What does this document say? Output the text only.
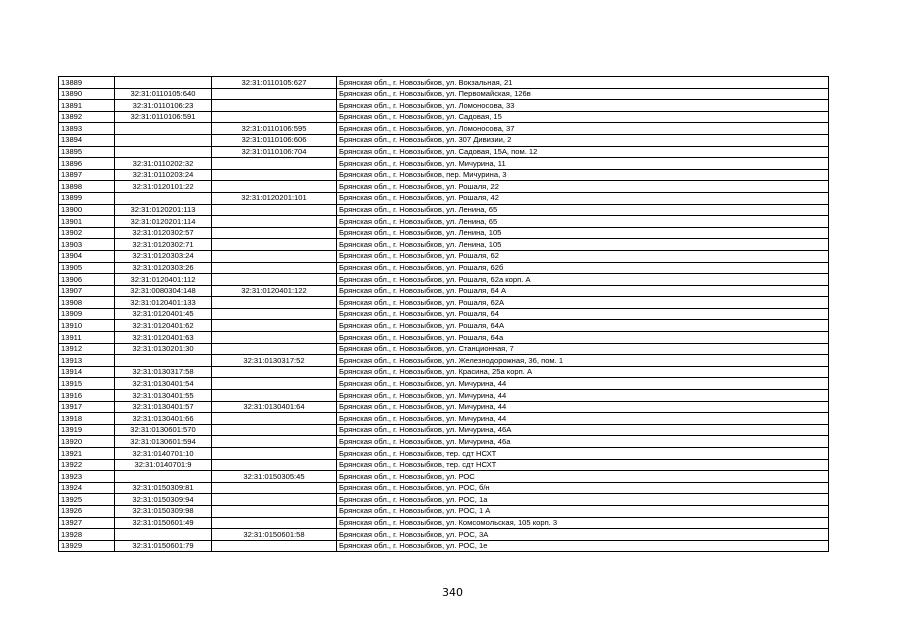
13889		32:31:0110105:627	Брянская обл., г. Новозыбков, ул. Вокзальная, 21
13890	32:31:0110105:640		Брянская обл., г. Новозыбков, ул. Первомайская, 126в
13891	32:31:0110106:23		Брянская обл., г. Новозыбков, ул. Ломоносова, 33
13892	32:31:0110106:591		Брянская обл., г. Новозыбков, ул. Садовая, 15
13893		32:31:0110106:595	Брянская обл., г. Новозыбков, ул. Ломоносова, 37
13894		32:31:0110106:606	Брянская обл., г. Новозыбков, ул. 307 Дивизии, 2
13895		32:31:0110106:704	Брянская обл., г. Новозыбков, ул. Садовая, 15А, пом. 12
13896	32:31:0110202:32		Брянская обл., г. Новозыбков, ул. Мичурина, 11
13897	32:31:0110203:24		Брянская обл., г. Новозыбков, пер. Мичурина, 3
13898	32:31:0120101:22		Брянская обл., г. Новозыбков, ул. Рошаля, 22
13899		32:31:0120201:101	Брянская обл., г. Новозыбков, ул. Рошаля, 42
13900	32:31:0120201:113		Брянская обл., г. Новозыбков, ул. Ленина, 65
13901	32:31:0120201:114		Брянская обл., г. Новозыбков, ул. Ленина, 65
13902	32:31:0120302:57		Брянская обл., г. Новозыбков, ул. Ленина, 105
13903	32:31:0120302:71		Брянская обл., г. Новозыбков, ул. Ленина, 105
13904	32:31:0120303:24		Брянская обл., г. Новозыбков, ул. Рошаля, 62
13905	32:31:0120303:26		Брянская обл., г. Новозыбков, ул. Рошаля, 62б
13906	32:31:0120401:112		Брянская обл., г. Новозыбков, ул. Рошаля, 62а корп. А
13907	32:31:0080304:148	32:31:0120401:122	Брянская обл., г. Новозыбков, ул. Рошаля, 64 А
13908	32:31:0120401:133		Брянская обл., г. Новозыбков, ул. Рошаля, 62А
13909	32:31:0120401:45		Брянская обл., г. Новозыбков, ул. Рошаля, 64
13910	32:31:0120401:62		Брянская обл., г. Новозыбков, ул. Рошаля, 64А
13911	32:31:0120401:63		Брянская обл., г. Новозыбков, ул. Рошаля, 64а
13912	32:31:0130201:30		Брянская обл., г. Новозыбков, ул. Станционная, 7
13913		32:31:0130317:52	Брянская обл., г. Новозыбков, ул. Железнодорожная, 36, пом. 1
13914	32:31:0130317:58		Брянская обл., г. Новозыбков, ул. Красина, 25а корп. А
13915	32:31:0130401:54		Брянская обл., г. Новозыбков, ул. Мичурина, 44
13916	32:31:0130401:55		Брянская обл., г. Новозыбков, ул. Мичурина, 44
13917	32:31:0130401:57	32:31:0130401:64	Брянская обл., г. Новозыбков, ул. Мичурина, 44
13918	32:31:0130401:66		Брянская обл., г. Новозыбков, ул. Мичурина, 44
13919	32:31:0130601:570		Брянская обл., г. Новозыбков, ул. Мичурина, 46А
13920	32:31:0130601:594		Брянская обл., г. Новозыбков, ул. Мичурина, 46а
13921	32:31:0140701:10		Брянская обл., г. Новозыбков, тер. сдт НСХТ
13922	32:31:0140701:9		Брянская обл., г. Новозыбков, тер. сдт НСХТ
13923		32:31:0150305:45	Брянская обл., г. Новозыбков, ул. РОС
13924	32:31:0150309:81		Брянская обл., г. Новозыбков, ул. РОС, б/н
13925	32:31:0150309:94		Брянская обл., г. Новозыбков, ул. РОС, 1а
13926	32:31:0150309:98		Брянская обл., г. Новозыбков, ул. РОС, 1 А
13927	32:31:0150601:49		Брянская обл., г. Новозыбков, ул. Комсомольская, 105 корп. 3
13928		32:31:0150601:58	Брянская обл., г. Новозыбков, ул. РОС, 3А
13929	32:31:0150601:79		Брянская обл., г. Новозыбков, ул. РОС, 1е
340
